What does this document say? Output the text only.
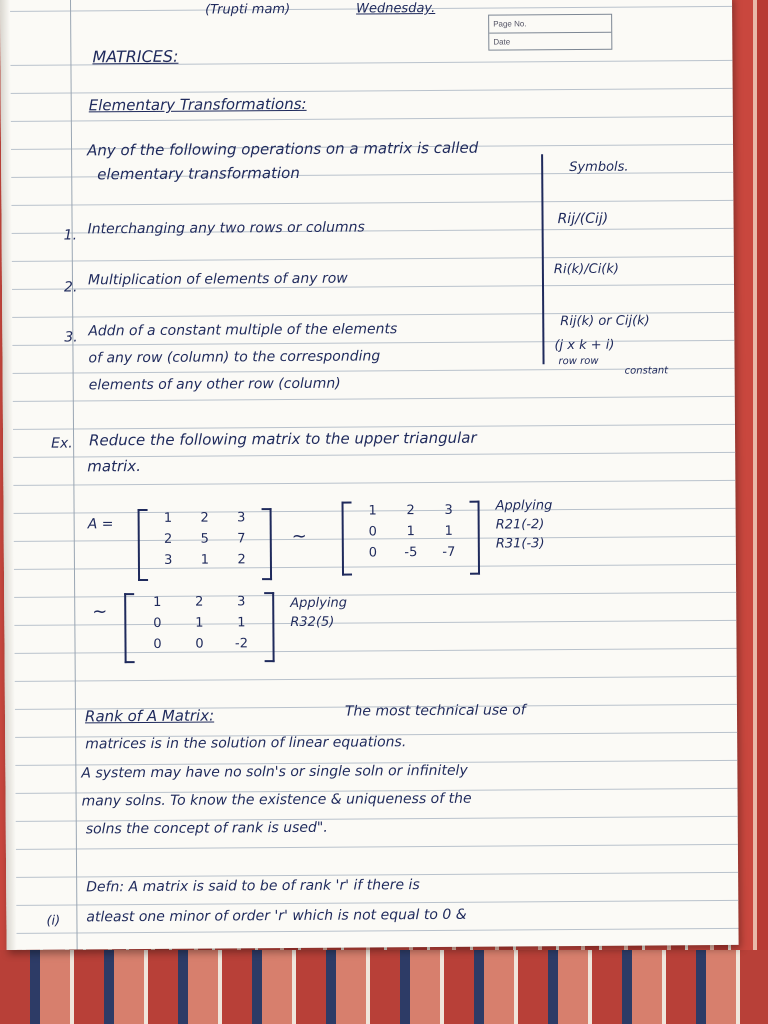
(Trupti mam)	Wednesday.
Page No.
Date
MATRICES:
Elementary Transformations:
Any of the following operations on a matrix is called
elementary transformation	Symbols.
1. Interchanging any two rows or columns
Rij/(Cij)
2. Multiplication of elements of any row
Ri(k)/Ci(k)
3. Addn of a constant multiple of the elements
of any row (column) to the corresponding
elements of any other row (column)
Rij(k) or Cij(k)
(j x k + i)
row row
constant
Ex. Reduce the following matrix to the upper triangular
matrix.
A =	1	2	3
2	5	7
3	1	2
~
1	2	3
0	1	1
0	-5	-7
Applying
R21(-2)
R31(-3)
~	1	2	3
0	1	1
0	0	-2
Applying
R32(5)
Rank of A Matrix:	The most technical use of
matrices is in the solution of linear equations.
A system may have no soln's or single soln or infinitely
many solns. To know the existence & uniqueness of the
solns the concept of rank is used".
Defn: A matrix is said to be of rank 'r' if there is
(i) atleast one minor of order 'r' which is not equal to 0 &
